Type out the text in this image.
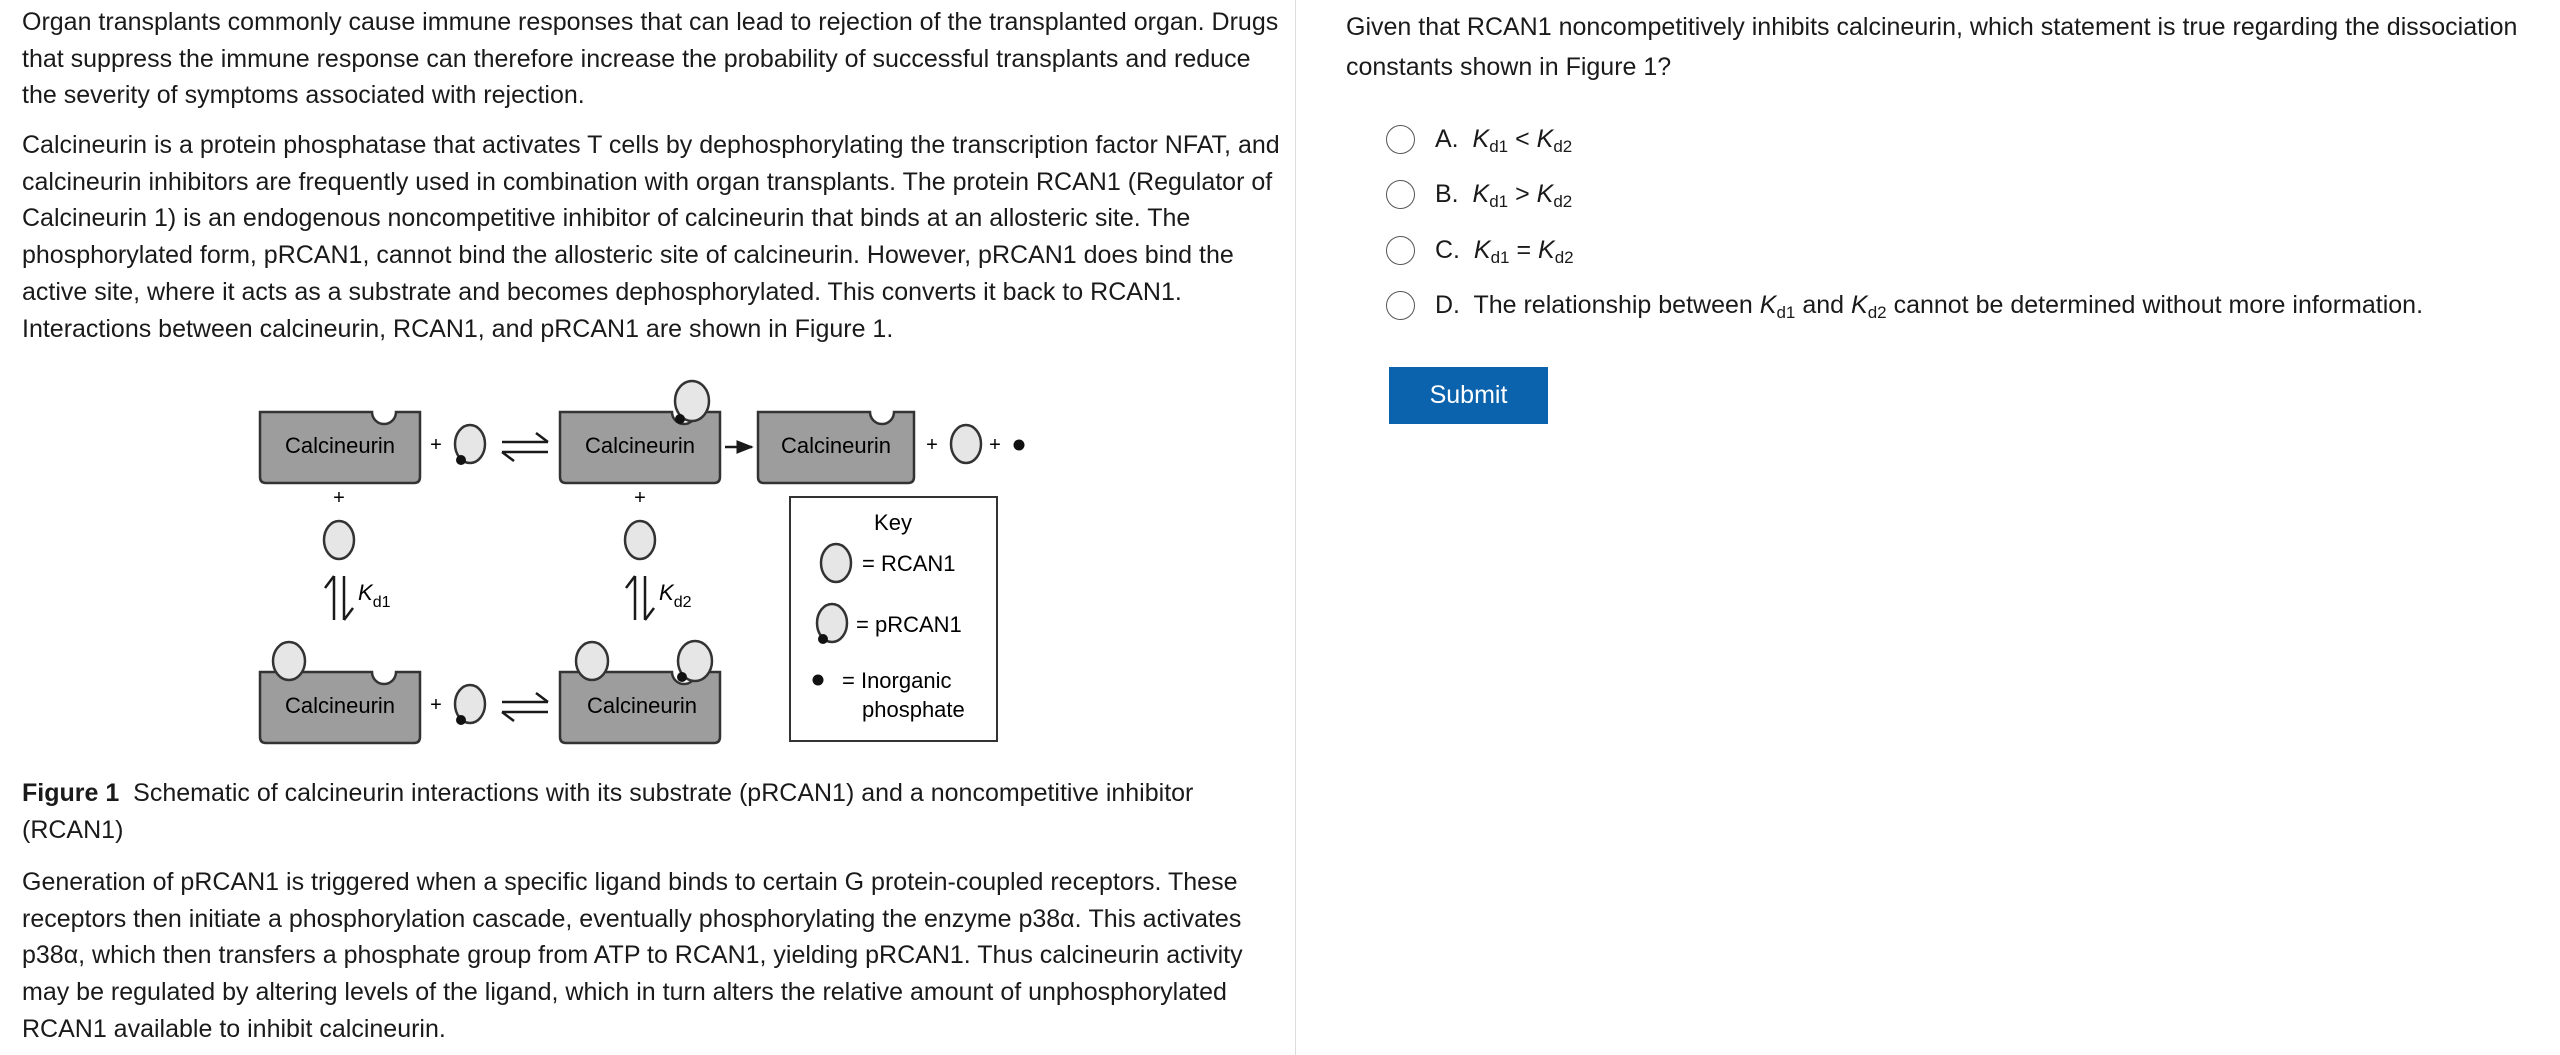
Organ transplants commonly cause immune responses that can lead to rejection of the transplanted organ. Drugs that suppress the immune response can therefore increase the probability of successful transplants and reduce the severity of symptoms associated with rejection.

Calcineurin is a protein phosphatase that activates T cells by dephosphorylating the transcription factor NFAT, and calcineurin inhibitors are frequently used in combination with organ transplants. The protein RCAN1 (Regulator of Calcineurin 1) is an endogenous noncompetitive inhibitor of calcineurin that binds at an allosteric site. The phosphorylated form, pRCAN1, cannot bind the allosteric site of calcineurin. However, pRCAN1 does bind the active site, where it acts as a substrate and becomes dephosphorylated. This converts it back to RCAN1. Interactions between calcineurin, RCAN1, and pRCAN1 are shown in Figure 1.

Calcineurin +	Calcineurin	Calcineurin +	+
+
$K_{d1}$
+
$K_{d2}$
Calcineurin +	Calcineurin
Key
= RCAN1
= pRCAN1
= Inorganic
phosphate

Figure 1 Schematic of calcineurin interactions with its substrate (pRCAN1) and a noncompetitive inhibitor (RCAN1)

Generation of pRCAN1 is triggered when a specific ligand binds to certain G protein-coupled receptors. These receptors then initiate a phosphorylation cascade, eventually phosphorylating the enzyme p38α. This activates p38α, which then transfers a phosphate group from ATP to RCAN1, yielding pRCAN1. Thus calcineurin activity may be regulated by altering levels of the ligand, which in turn alters the relative amount of unphosphorylated RCAN1 available to inhibit calcineurin.

Given that RCAN1 noncompetitively inhibits calcineurin, which statement is true regarding the dissociation constants shown in Figure 1?

A. $K_{d1} < K_{d2}$
B. $K_{d1} > K_{d2}$
C. $K_{d1} = K_{d2}$
D. The relationship between $K_{d1}$ and $K_{d2}$ cannot be determined without more information.
Submit
